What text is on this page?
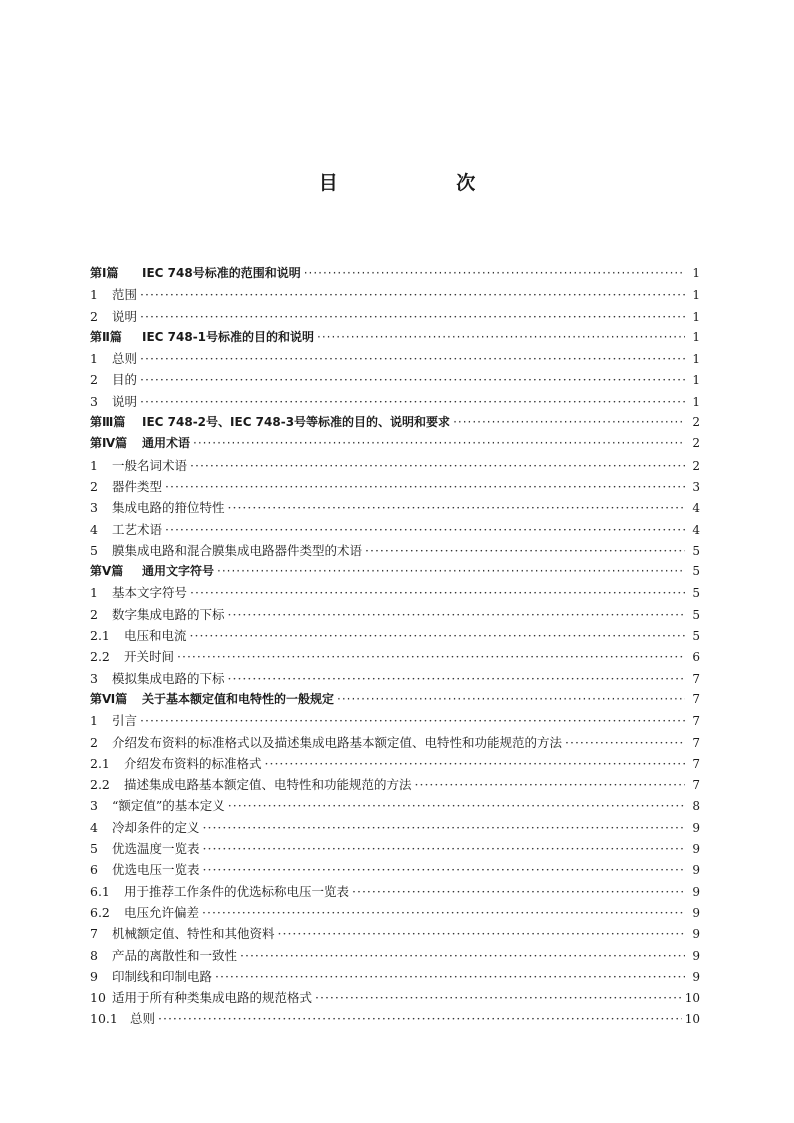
目 次
第Ⅰ篇	IEC 748号标准的范围和说明 ·····	1
1	范围 ·····	1
2	说明 ·····	1
第Ⅱ篇	IEC 748-1号标准的目的和说明 ·····	1
1	总则 ·····	1
2	目的 ·····	1
3	说明 ·····	1
第Ⅲ篇	IEC 748-2号、IEC 748-3号等标准的目的、说明和要求 ·····	2
第Ⅳ篇	通用术语 ·····	2
1	一般名词术语 ·····	2
2	器件类型 ·····	3
3	集成电路的箝位特性 ·····	4
4	工艺术语 ·····	4
5	膜集成电路和混合膜集成电路器件类型的术语 ·····	5
第Ⅴ篇	通用文字符号 ·····	5
1	基本文字符号 ·····	5
2	数字集成电路的下标 ·····	5
2.1	电压和电流 ·····	5
2.2	开关时间 ·····	6
3	模拟集成电路的下标 ·····	7
第Ⅵ篇	关于基本额定值和电特性的一般规定 ·····	7
1	引言 ·····	7
2	介绍发布资料的标准格式以及描述集成电路基本额定值、电特性和功能规范的方法 ·····	7
2.1	介绍发布资料的标准格式 ·····	7
2.2	描述集成电路基本额定值、电特性和功能规范的方法 ·····	7
3	“额定值”的基本定义 ·····	8
4	冷却条件的定义 ·····	9
5	优选温度一览表 ·····	9
6	优选电压一览表 ·····	9
6.1	用于推荐工作条件的优选标称电压一览表 ·····	9
6.2	电压允许偏差 ·····	9
7	机械额定值、特性和其他资料 ·····	9
8	产品的离散性和一致性 ·····	9
9	印制线和印制电路 ·····	9
10 适用于所有种类集成电路的规范格式 ·····	10
10.1 总则 ·····	10
